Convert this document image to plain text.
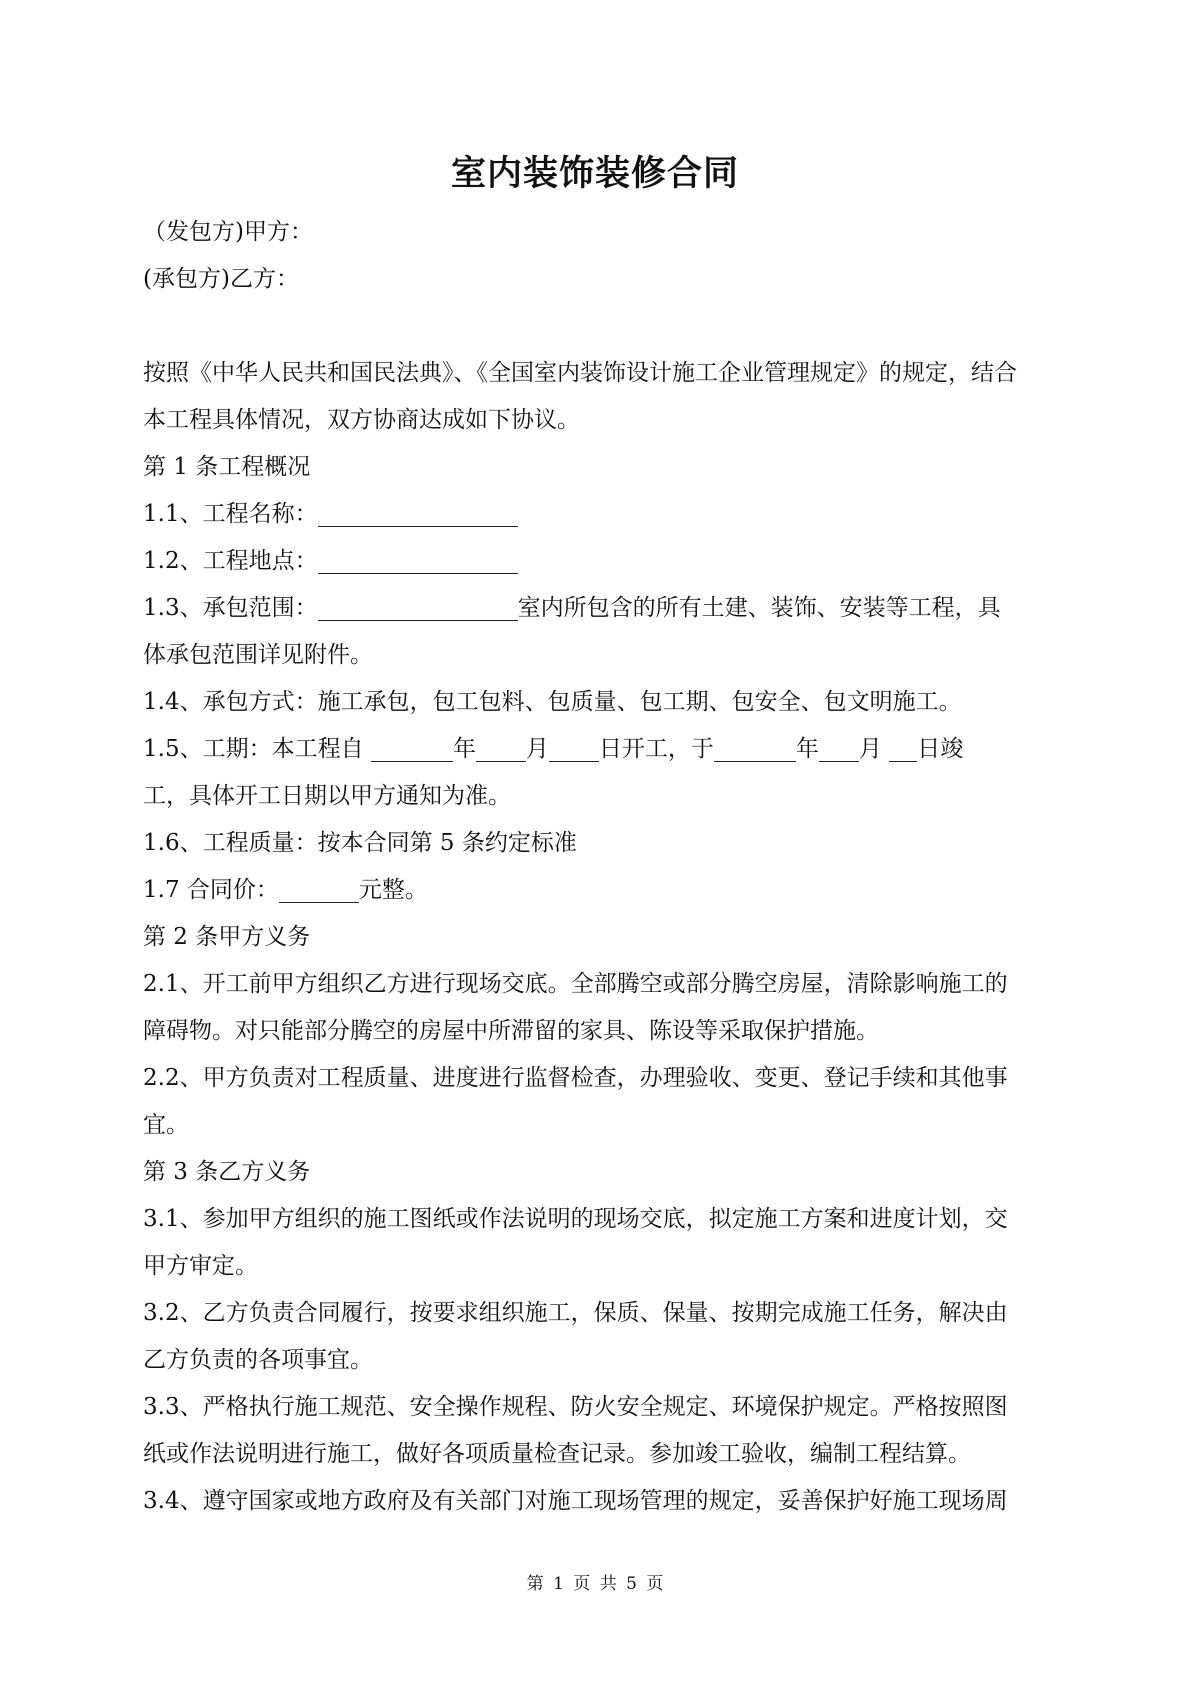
室内装饰装修合同
（发包方)甲方：
(承包方)乙方：
按照《中华人民共和国民法典》、《全国室内装饰设计施工企业管理规定》的规定，结合
本工程具体情况，双方协商达成如下协议。
第 1 条工程概况
1.1、工程名称：
1.2、工程地点：
1.3、承包范围：	室内所包含的所有土建、装饰、安装等工程，具
体承包范围详见附件。
1.4、承包方式：施工承包，包工包料、包质量、包工期、包安全、包文明施工。
1.5、工期：本工程自	年 月 日开工，于	年 月 日竣
工，具体开工日期以甲方通知为准。
1.6、工程质量：按本合同第 5 条约定标准
1.7 合同价：	元整。
第 2 条甲方义务
2.1、开工前甲方组织乙方进行现场交底。全部腾空或部分腾空房屋，清除影响施工的
障碍物。对只能部分腾空的房屋中所滞留的家具、陈设等采取保护措施。
2.2、甲方负责对工程质量、进度进行监督检查，办理验收、变更、登记手续和其他事
宜。
第 3 条乙方义务
3.1、参加甲方组织的施工图纸或作法说明的现场交底，拟定施工方案和进度计划，交
甲方审定。
3.2、乙方负责合同履行，按要求组织施工，保质、保量、按期完成施工任务，解决由
乙方负责的各项事宜。
3.3、严格执行施工规范、安全操作规程、防火安全规定、环境保护规定。严格按照图
纸或作法说明进行施工，做好各项质量检查记录。参加竣工验收，编制工程结算。
3.4、遵守国家或地方政府及有关部门对施工现场管理的规定，妥善保护好施工现场周
第 1 页 共 5 页
